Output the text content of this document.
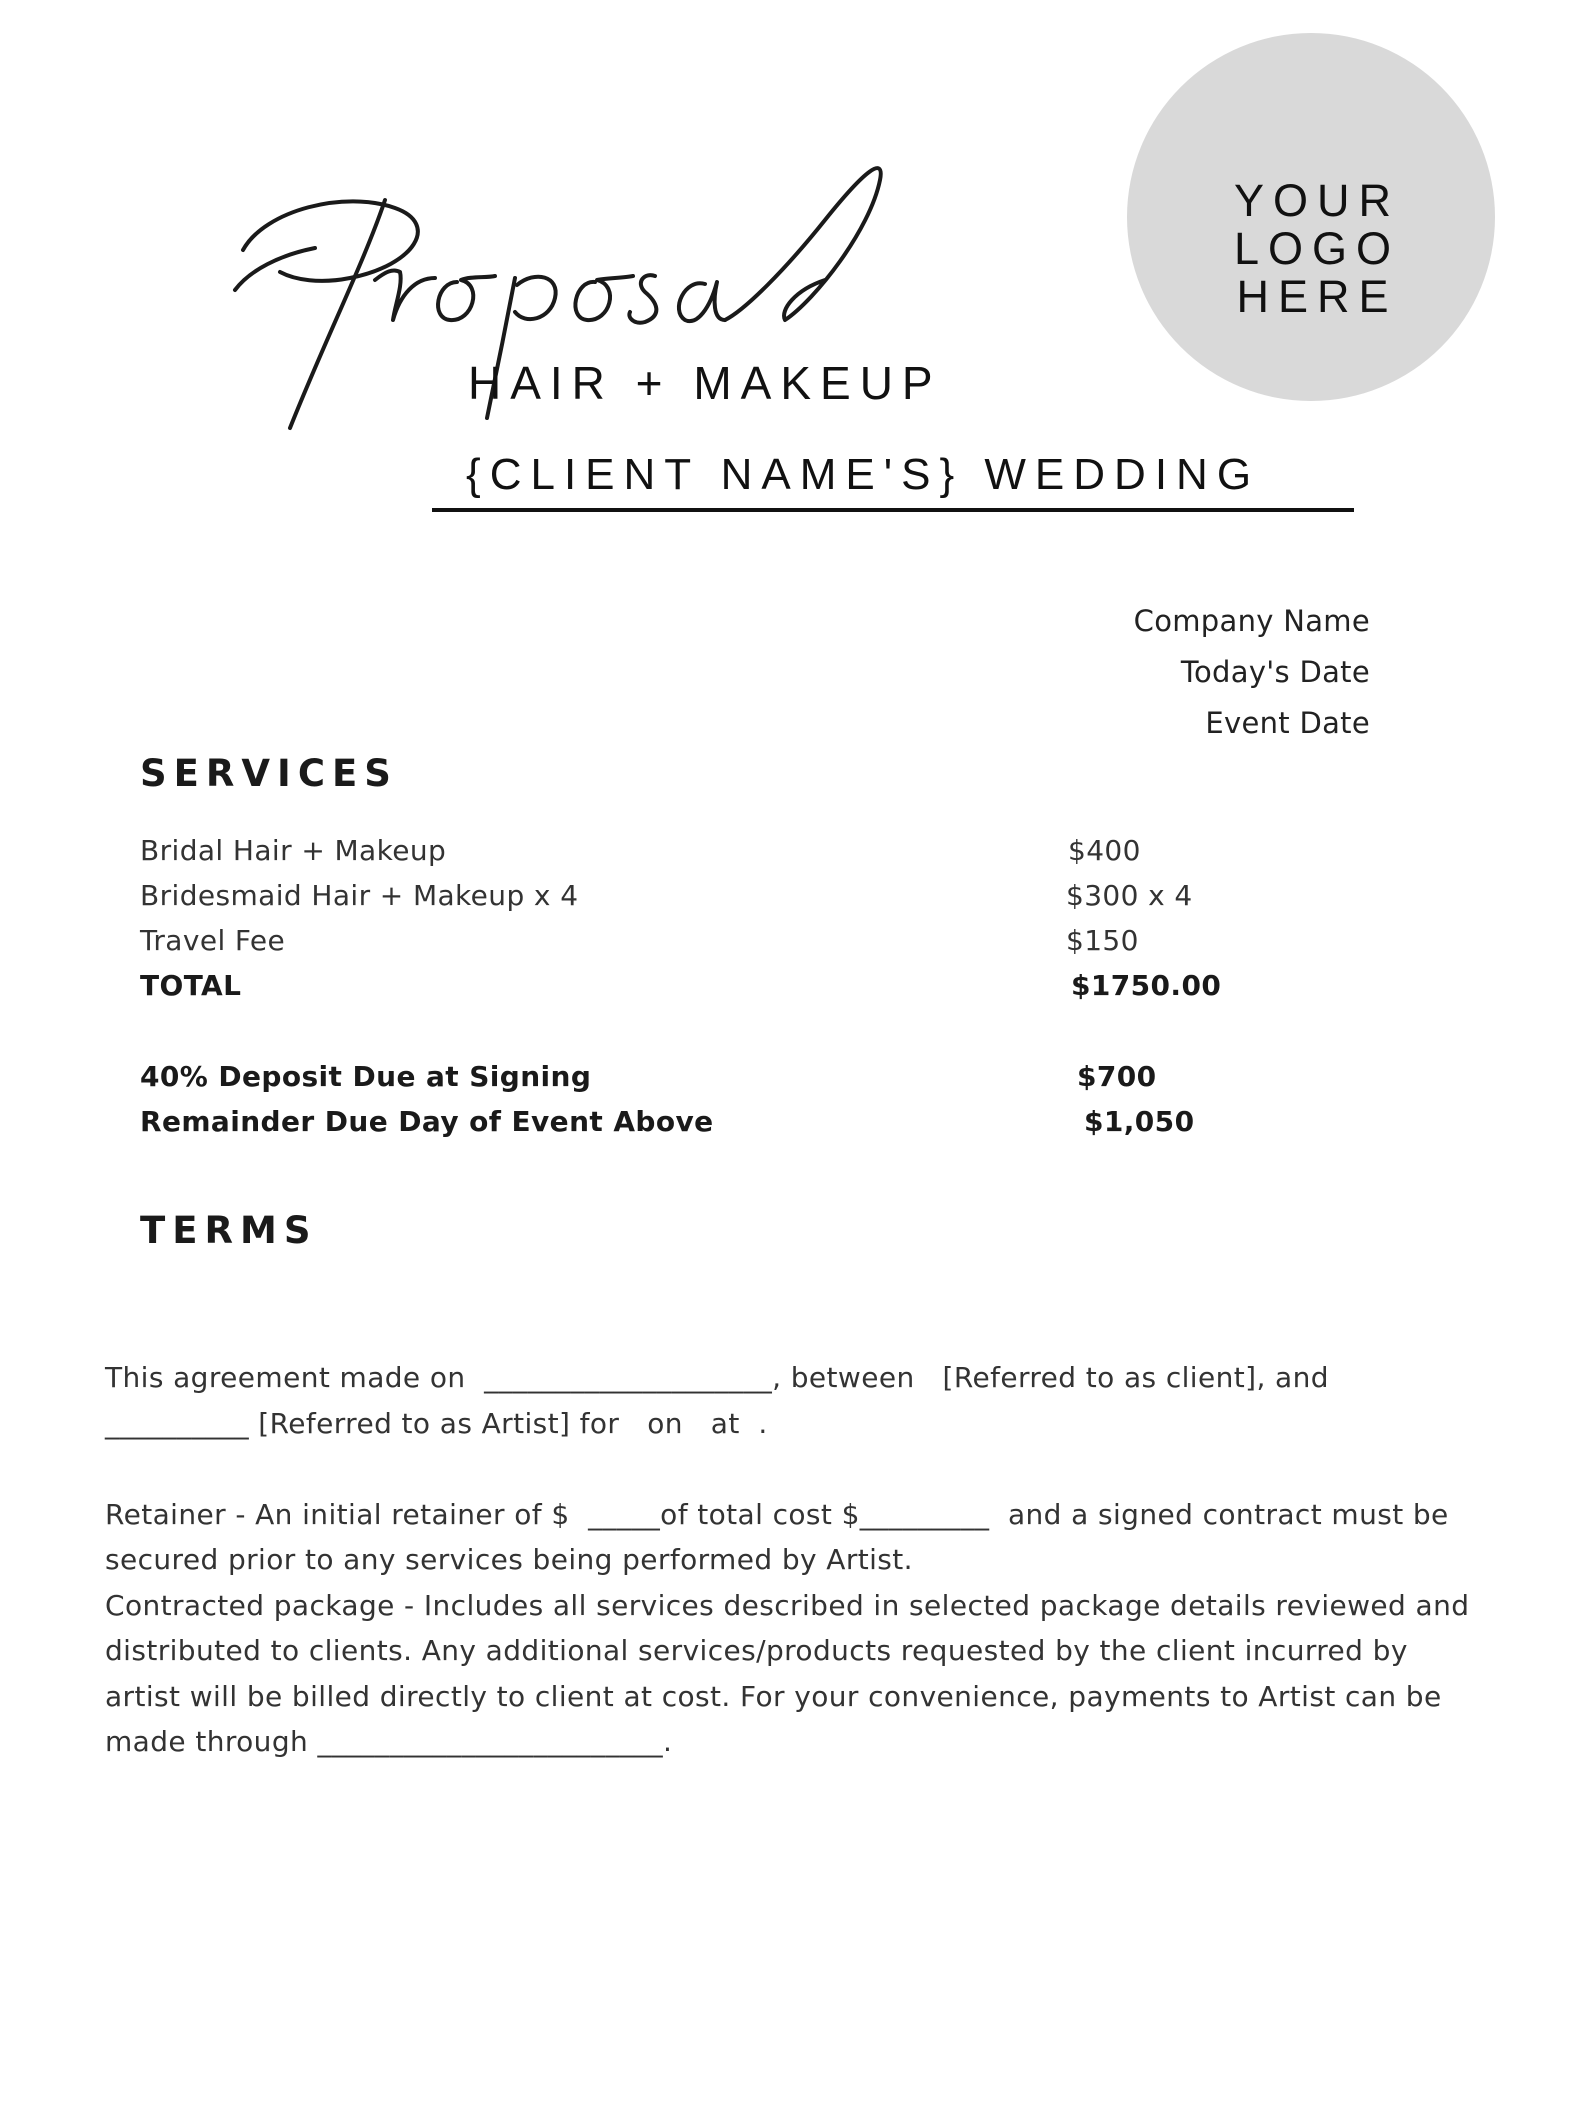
YOUR
LOGO
HERE
HAIR + MAKEUP
{CLIENT NAME'S} WEDDING
Company Name
Today's Date
Event Date
SERVICES
Bridal Hair + Makeup	$400
Bridesmaid Hair + Makeup x 4	$300 x 4
Travel Fee	$150
TOTAL	$1750.00
40% Deposit Due at Signing	$700
Remainder Due Day of Event Above	$1,050
TERMS
This agreement made on  ____________________, between   [Referred to as client], and
__________ [Referred to as Artist] for   on   at  .
Retainer - An initial retainer of $  _____of total cost $_________  and a signed contract must be
secured prior to any services being performed by Artist.
Contracted package - Includes all services described in selected package details reviewed and
distributed to clients. Any additional services/products requested by the client incurred by
artist will be billed directly to client at cost. For your convenience, payments to Artist can be
made through ________________________.
